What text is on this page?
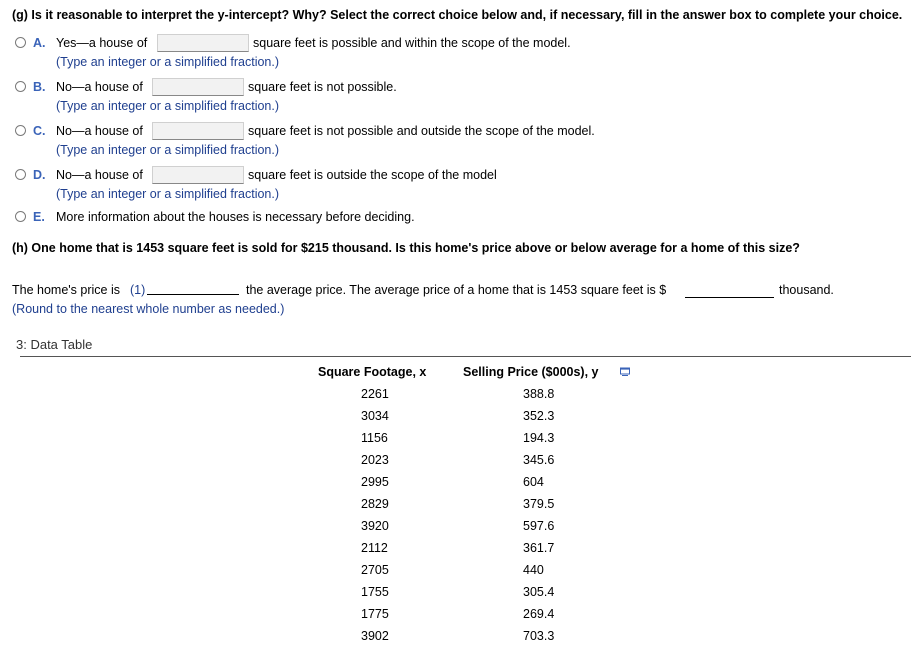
(g) Is it reasonable to interpret the y-intercept? Why? Select the correct choice below and, if necessary, fill in the answer box to complete your choice.
A. Yes—a house of	square feet is possible and within the scope of the model.
(Type an integer or a simplified fraction.)
B. No—a house of	square feet is not possible.
(Type an integer or a simplified fraction.)
C. No—a house of	square feet is not possible and outside the scope of the model.
(Type an integer or a simplified fraction.)
D. No—a house of	square feet is outside the scope of the model
(Type an integer or a simplified fraction.)
E. More information about the houses is necessary before deciding.
(h) One home that is 1453 square feet is sold for $215 thousand. Is this home's price above or below average for a home of this size?
The home's price is (1)	the average price. The average price of a home that is 1453 square feet is $	thousand.
(Round to the nearest whole number as needed.)
3: Data Table
Square Footage, x	Selling Price ($000s), y
2261	388.8
3034	352.3
1156	194.3
2023	345.6
2995	604
2829	379.5
3920	597.6
2112	361.7
2705	440
1755	305.4
1775	269.4
3902	703.3
